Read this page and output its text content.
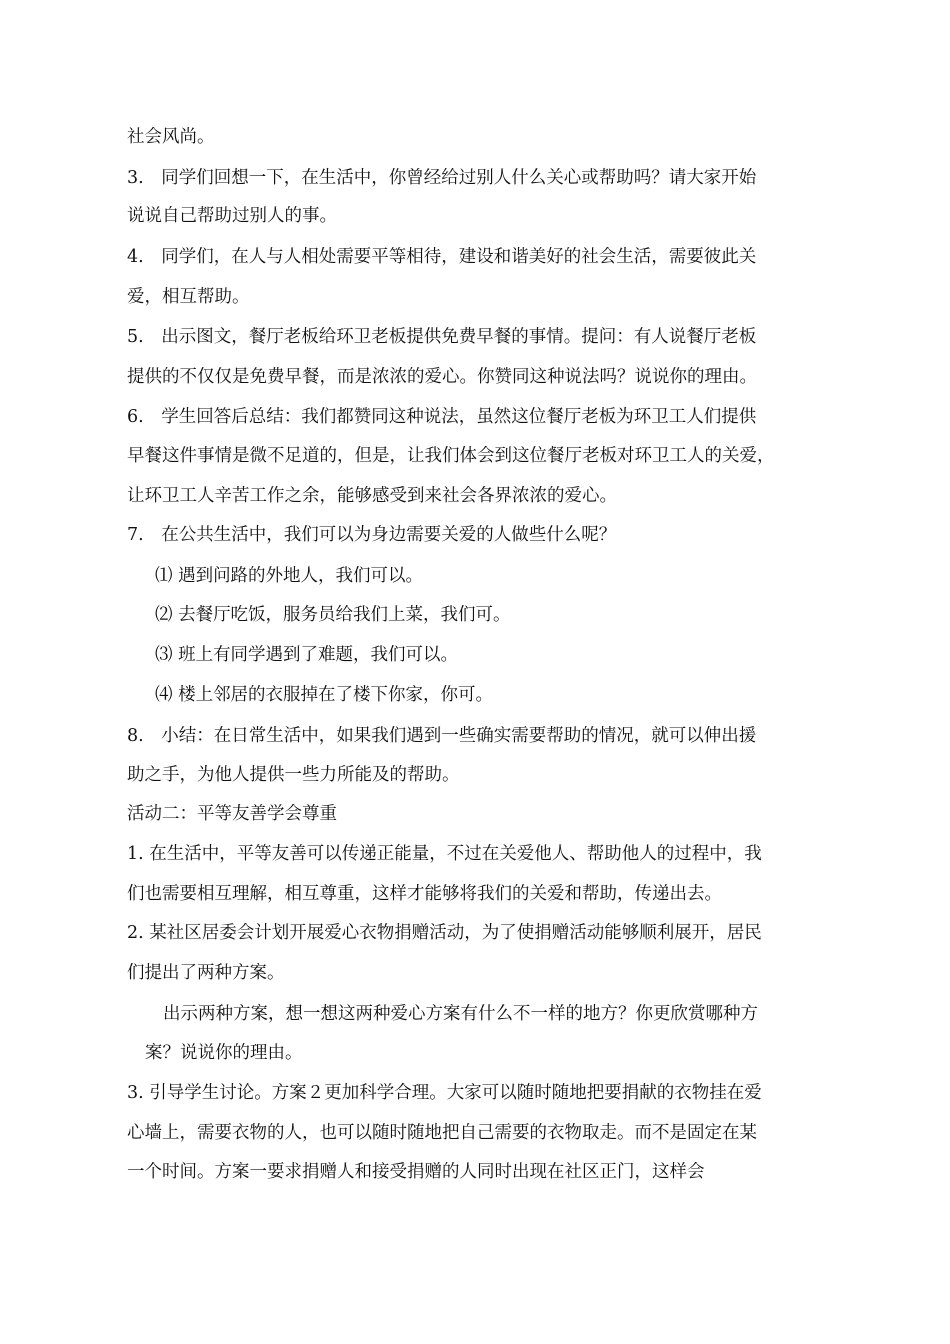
社会风尚。
3.　同学们回想一下，在生活中，你曾经给过别人什么关心或帮助吗？请大家开始
说说自己帮助过别人的事。
4.　同学们，在人与人相处需要平等相待，建设和谐美好的社会生活，需要彼此关
爱，相互帮助。
5.　出示图文，餐厅老板给环卫老板提供免费早餐的事情。提问：有人说餐厅老板
提供的不仅仅是免费早餐，而是浓浓的爱心。你赞同这种说法吗？说说你的理由。
6.　学生回答后总结：我们都赞同这种说法，虽然这位餐厅老板为环卫工人们提供
早餐这件事情是微不足道的，但是，让我们体会到这位餐厅老板对环卫工人的关爱，
让环卫工人辛苦工作之余，能够感受到来社会各界浓浓的爱心。
7.　在公共生活中，我们可以为身边需要关爱的人做些什么呢？
⑴ 遇到问路的外地人，我们可以。
⑵ 去餐厅吃饭，服务员给我们上菜，我们可。
⑶ 班上有同学遇到了难题，我们可以。
⑷ 楼上邻居的衣服掉在了楼下你家，你可。
8.　小结：在日常生活中，如果我们遇到一些确实需要帮助的情况，就可以伸出援
助之手，为他人提供一些力所能及的帮助。
活动二：平等友善学会尊重
1. 在生活中，平等友善可以传递正能量，不过在关爱他人、帮助他人的过程中，我
们也需要相互理解，相互尊重，这样才能够将我们的关爱和帮助，传递出去。
2. 某社区居委会计划开展爱心衣物捐赠活动，为了使捐赠活动能够顺利展开，居民
们提出了两种方案。
出示两种方案，想一想这两种爱心方案有什么不一样的地方？你更欣赏哪种方
案？说说你的理由。
3. 引导学生讨论。方案２更加科学合理。大家可以随时随地把要捐献的衣物挂在爱
心墙上，需要衣物的人，也可以随时随地把自己需要的衣物取走。而不是固定在某
一个时间。方案一要求捐赠人和接受捐赠的人同时出现在社区正门，这样会
